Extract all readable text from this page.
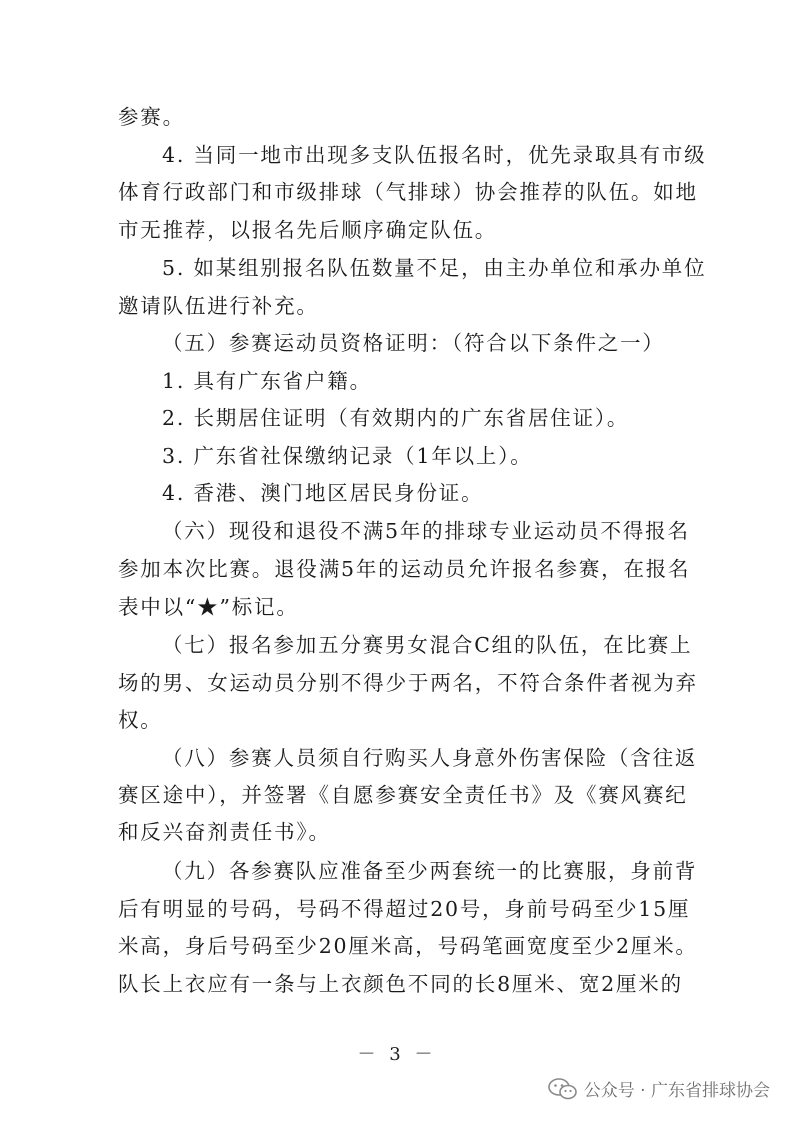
参赛。
4. 当同一地市出现多支队伍报名时，优先录取具有市级
体育行政部门和市级排球（气排球）协会推荐的队伍。如地
市无推荐，以报名先后顺序确定队伍。
5. 如某组别报名队伍数量不足，由主办单位和承办单位
邀请队伍进行补充。
（五）参赛运动员资格证明：（符合以下条件之一）
1. 具有广东省户籍。
2. 长期居住证明（有效期内的广东省居住证）。
3. 广东省社保缴纳记录（1年以上）。
4. 香港、澳门地区居民身份证。
（六）现役和退役不满5年的排球专业运动员不得报名
参加本次比赛。退役满5年的运动员允许报名参赛，在报名
表中以“★”标记。
（七）报名参加五分赛男女混合C组的队伍，在比赛上
场的男、女运动员分别不得少于两名，不符合条件者视为弃
权。
（八）参赛人员须自行购买人身意外伤害保险（含往返
赛区途中），并签署《自愿参赛安全责任书》及《赛风赛纪
和反兴奋剂责任书》。
（九）各参赛队应准备至少两套统一的比赛服，身前背
后有明显的号码，号码不得超过20号，身前号码至少15厘
米高，身后号码至少20厘米高，号码笔画宽度至少2厘米。
队长上衣应有一条与上衣颜色不同的长8厘米、宽2厘米的
－ 3 －
公众号 · 广东省排球协会
